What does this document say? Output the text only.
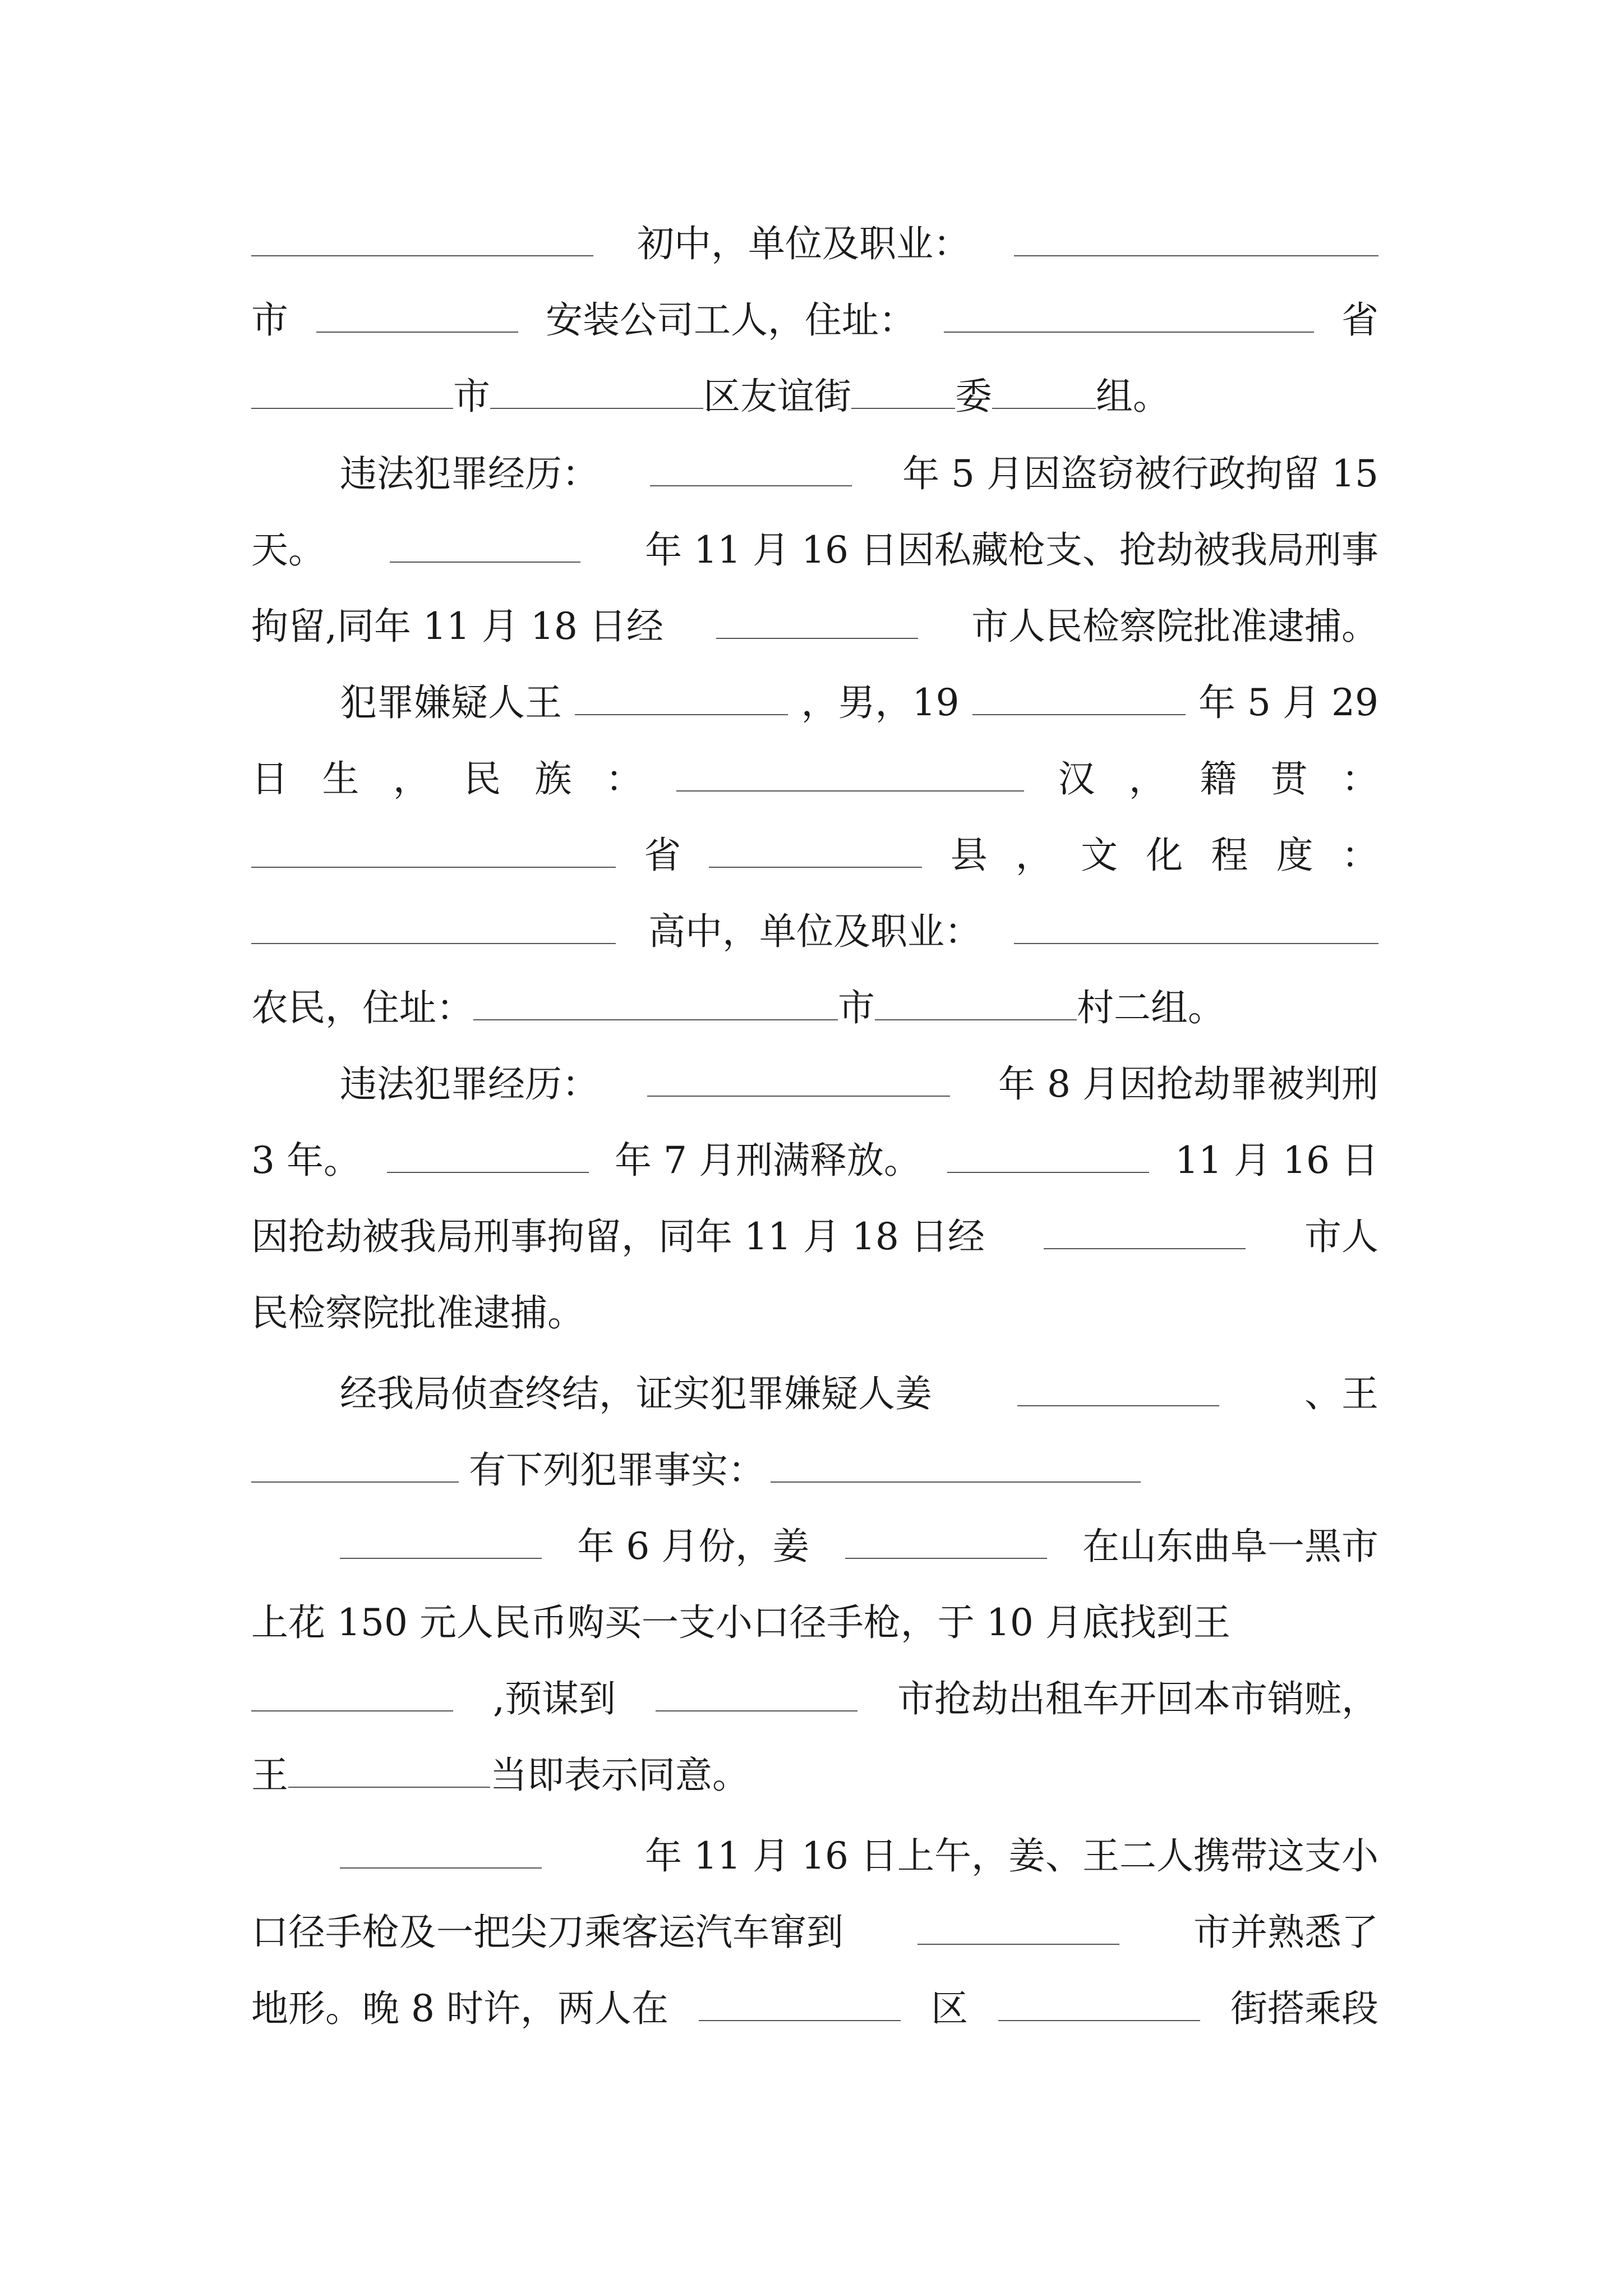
初中，单位及职业：
市	安装公司工人，住址：	省
市	区友谊街	委	组。
违法犯罪经历：	年 5 月因盗窃被行政拘留 15
天。	年 11 月 16 日因私藏枪支、抢劫被我局刑事
拘留,同年 11 月 18 日经	市人民检察院批准逮捕。
犯罪嫌疑人王	，男，19	年 5 月 29
日 生 ， 民 族 ：	汉 ， 籍 贯 ：
省	县 ， 文 化 程 度 ：
高中，单位及职业：
农民，住址：	市	村二组。
违法犯罪经历：	年 8 月因抢劫罪被判刑
3 年。	年 7 月刑满释放。	11 月 16 日
因抢劫被我局刑事拘留，同年 11 月 18 日经	市人
民检察院批准逮捕。
经我局侦查终结，证实犯罪嫌疑人姜	、王
有下列犯罪事实：
年 6 月份，姜	在山东曲阜一黑市
上花 150 元人民币购买一支小口径手枪，于 10 月底找到王
,预谋到	市抢劫出租车开回本市销赃，
王	当即表示同意。
年 11 月 16 日上午，姜、王二人携带这支小
口径手枪及一把尖刀乘客运汽车窜到	市并熟悉了
地形。晚 8 时许，两人在	区	街搭乘段
